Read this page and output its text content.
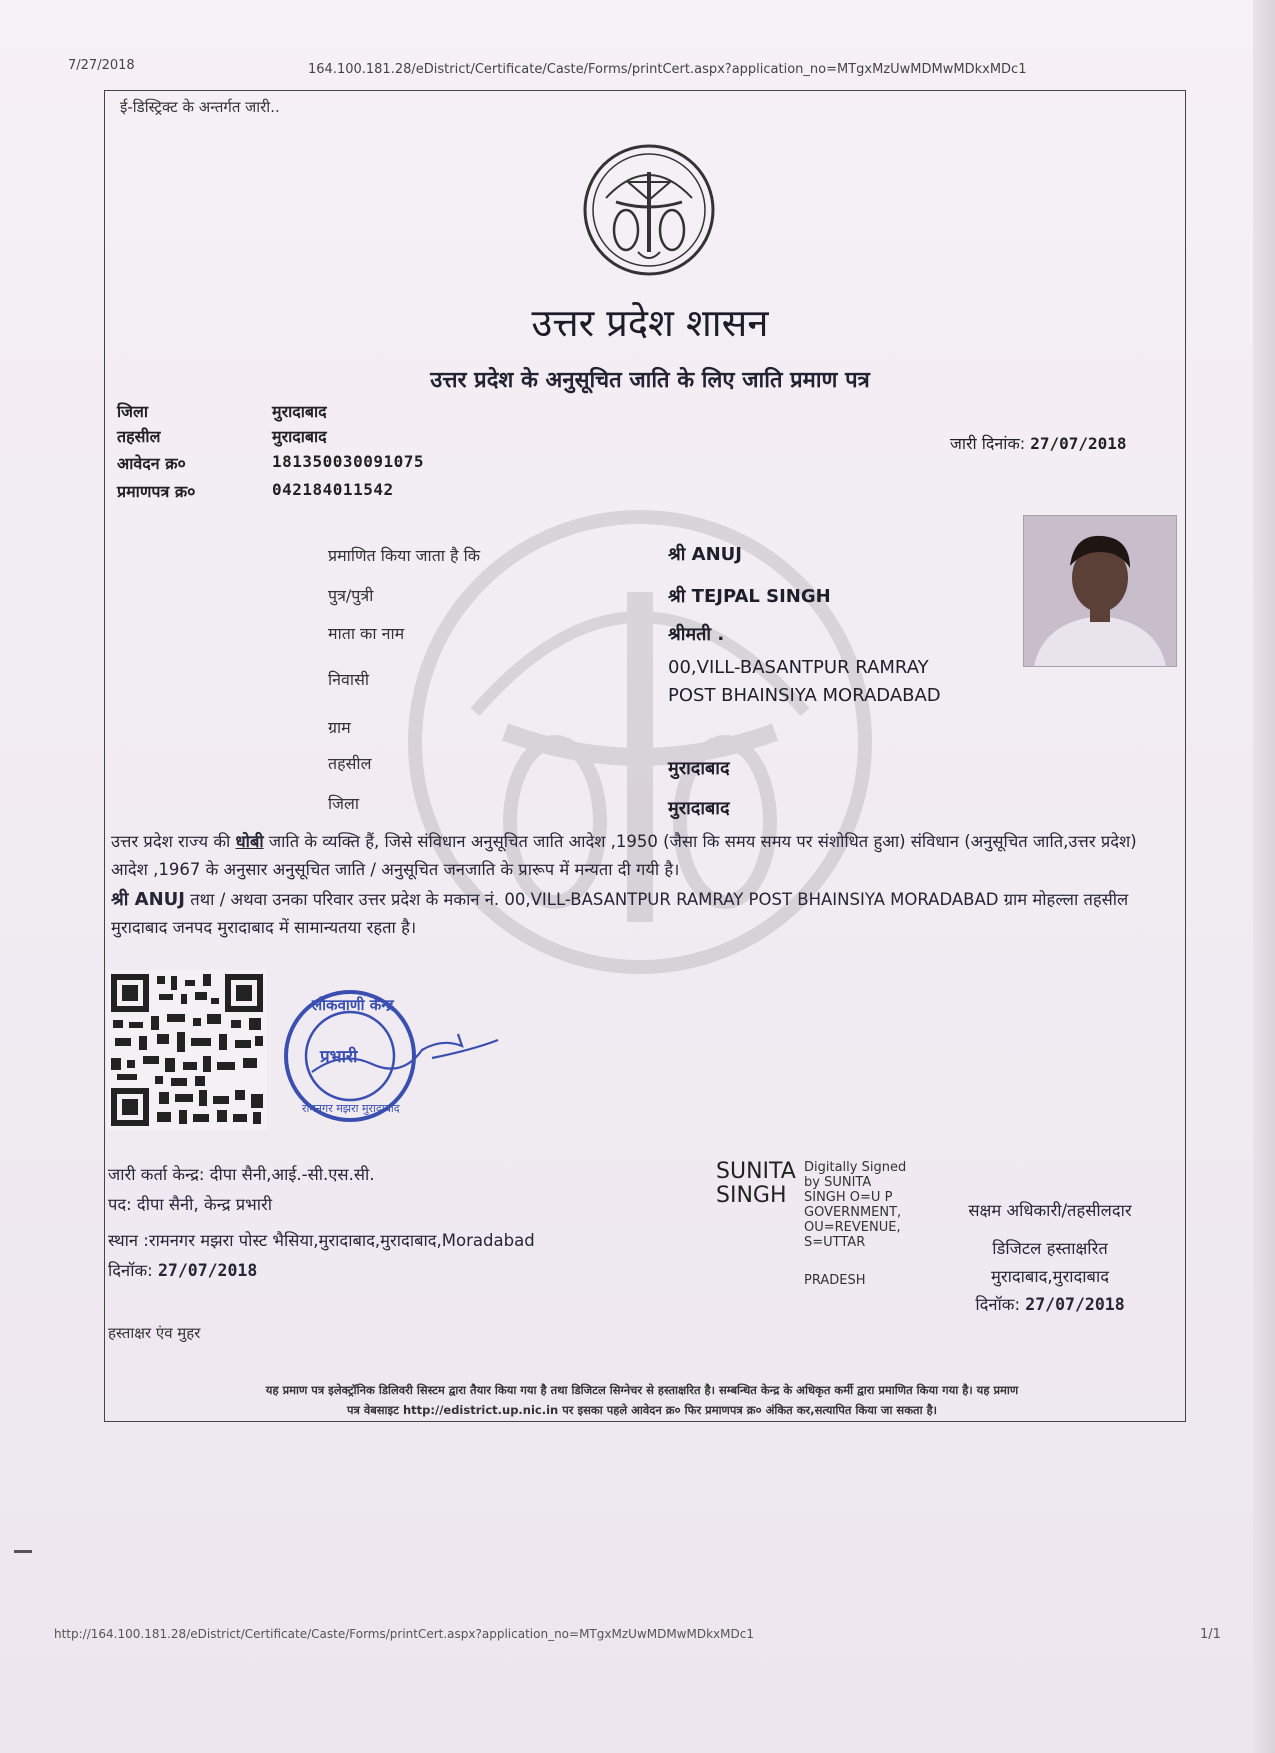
7/27/2018	164.100.181.28/eDistrict/Certificate/Caste/Forms/printCert.aspx?application_no=MTgxMzUwMDMwMDkxMDc1
ई-डिस्ट्रिक्ट के अन्तर्गत जारी..
उत्तर प्रदेश शासन
उत्तर प्रदेश के अनुसूचित जाति के लिए जाति प्रमाण पत्र
जिला	मुरादाबाद
तहसील	मुरादाबाद
आवेदन क्र०	181350030091075
प्रमाणपत्र क्र०	042184011542
जारी दिनांक: 27/07/2018
प्रमाणित किया जाता है कि	श्री ANUJ
पुत्र/पुत्री	श्री TEJPAL SINGH
माता का नाम	श्रीमती .
निवासी
00,VILL-BASANTPUR RAMRAY
POST BHAINSIYA MORADABAD
ग्राम
तहसील	मुरादाबाद
जिला	मुरादाबाद
उत्तर प्रदेश राज्य की धोबी जाति के व्यक्ति हैं, जिसे संविधान अनुसूचित जाति आदेश ,1950 (जैसा कि समय समय पर संशोधित हुआ) संविधान (अनुसूचित जाति,उत्तर प्रदेश) आदेश ,1967 के अनुसार अनुसूचित जाति / अनुसूचित जनजाति के प्रारूप में मन्यता दी गयी है।
श्री ANUJ तथा / अथवा उनका परिवार उत्तर प्रदेश के मकान नं. 00,VILL-BASANTPUR RAMRAY POST BHAINSIYA MORADABAD ग्राम मोहल्ला तहसील मुरादाबाद जनपद मुरादाबाद में सामान्यतया रहता है।
लोकवाणी केन्द्र
प्रभारी
रामनगर मझरा मुरादाबाद
जारी कर्ता केन्द्र: दीपा सैनी,आई.-सी.एस.सी.
पद: दीपा सैनी, केन्द्र प्रभारी
स्थान :रामनगर मझरा पोस्ट भैसिया,मुरादाबाद,मुरादाबाद,Moradabad
दिनॉक: 27/07/2018
हस्ताक्षर एंव मुहर
SUNITA
SINGH
Digitally Signed
by SUNITA
SINGH O=U P
GOVERNMENT,
OU=REVENUE,
S=UTTAR
PRADESH
सक्षम अधिकारी/तहसीलदार
डिजिटल हस्ताक्षरित
मुरादाबाद,मुरादाबाद
दिनॉक: 27/07/2018
यह प्रमाण पत्र इलेक्ट्रॉनिक डिलिवरी सिस्टम द्वारा तैयार किया गया है तथा डिजिटल सिग्नेचर से हस्ताक्षरित है। सम्बन्धित केन्द्र के अधिकृत कर्मी द्वारा प्रमाणित किया गया है। यह प्रमाण
पत्र वेबसाइट http://edistrict.up.nic.in पर इसका पहले आवेदन क्र० फिर प्रमाणपत्र क्र० अंकित कर,सत्यापित किया जा सकता है।
http://164.100.181.28/eDistrict/Certificate/Caste/Forms/printCert.aspx?application_no=MTgxMzUwMDMwMDkxMDc1	1/1
